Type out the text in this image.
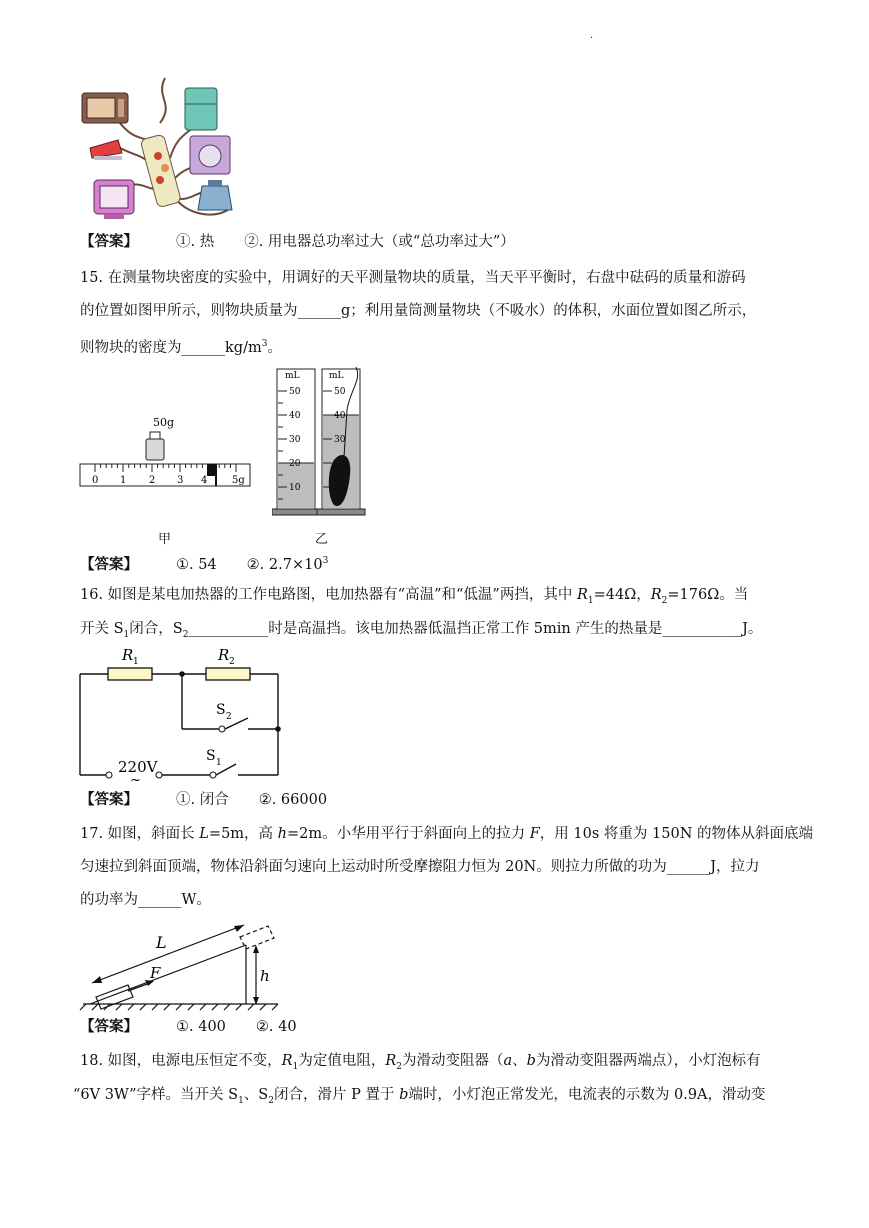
.
【答案】	①. 热 ②. 用电器总功率过大（或“总功率过大”）
15. 在测量物块密度的实验中，用调好的天平测量物块的质量，当天平平衡时，右盘中砝码的质量和游码
的位置如图甲所示，则物块质量为______g；利用量筒测量物块（不吸水）的体积，水面位置如图乙所示，
则物块的密度为$\_\_\_\_\_\_kg/m^3$。
50g
0 1 2 3 4 5g
甲
mL
50
40
30
20
10
mL
50
40
30
乙
【答案】	①. 54 ②. $2.7\times 10^3$
16. 如图是某电加热器的工作电路图，电加热器有“高温”和“低温”两挡，其中 $R_1=44\Omega$，$R_2=176\Omega$。当
开关 $S_1$闭合，$S_2\_\_\_\_\_\_\_\_\_\_\_$时是高温挡。该电加热器低温挡正常工作 5min 产生的热量是___________J。
R 1	R 2
S 2
S 1
220V
~
【答案】	①. 闭合 ②. 66000
17. 如图，斜面长 L=5m，高 h=2m。小华用平行于斜面向上的拉力 F，用 10s 将重为 150N 的物体从斜面底端
匀速拉到斜面顶端，物体沿斜面匀速向上运动时所受摩擦阻力恒为 20N。则拉力所做的功为______J，拉力
的功率为______W。
L
F	h
【答案】	①. 400 ②. 40
18. 如图，电源电压恒定不变，$R_1$为定值电阻，$R_2$为滑动变阻器（a、b为滑动变阻器两端点），小灯泡标有
“6V 3W”字样。当开关 $S_1$、$S_2$闭合，滑片 P 置于 b端时，小灯泡正常发光，电流表的示数为 0.9A，滑动变
